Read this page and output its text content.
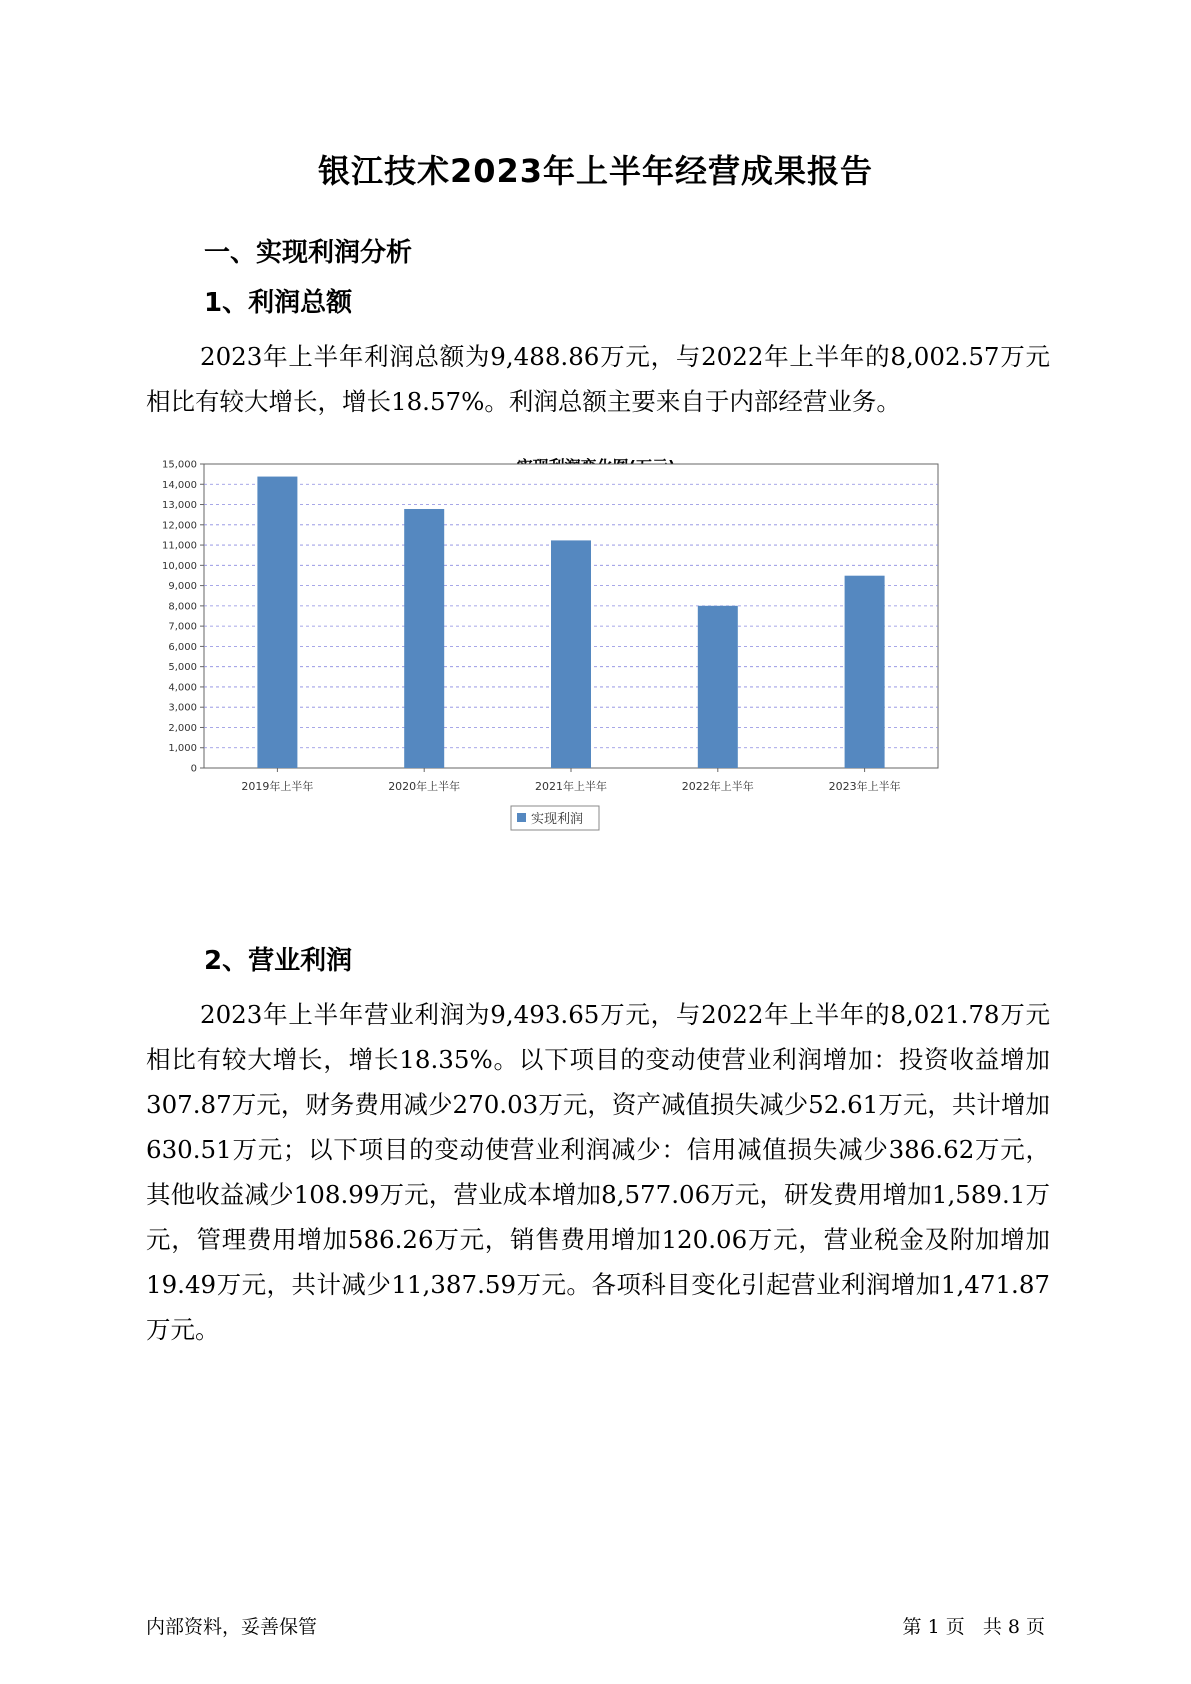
银江技术2023年上半年经营成果报告
一、实现利润分析
1、利润总额
2023年上半年利润总额为9,488.86万元，与2022年上半年的8,002.57万元相比有较大增长，增长18.57%。利润总额主要来自于内部经营业务。
0
1,000
2,000
3,000
4,000
5,000
6,000
7,000
8,000
9,000
10,000
11,000
12,000
13,000
14,000
15,000
2019年上半年	2020年上半年	2021年上半年	2022年上半年	2023年上半年
实现利润
2、营业利润
2023年上半年营业利润为9,493.65万元，与2022年上半年的8,021.78万元相比有较大增长，增长18.35%。以下项目的变动使营业利润增加：投资收益增加307.87万元，财务费用减少270.03万元，资产减值损失减少52.61万元，共计增加630.51万元；以下项目的变动使营业利润减少：信用减值损失减少386.62万元，其他收益减少108.99万元，营业成本增加8,577.06万元，研发费用增加1,589.1万元，管理费用增加586.26万元，销售费用增加120.06万元，营业税金及附加增加19.49万元，共计减少11,387.59万元。各项科目变化引起营业利润增加1,471.87万元。
内部资料，妥善保管	第 1 页 共 8 页
